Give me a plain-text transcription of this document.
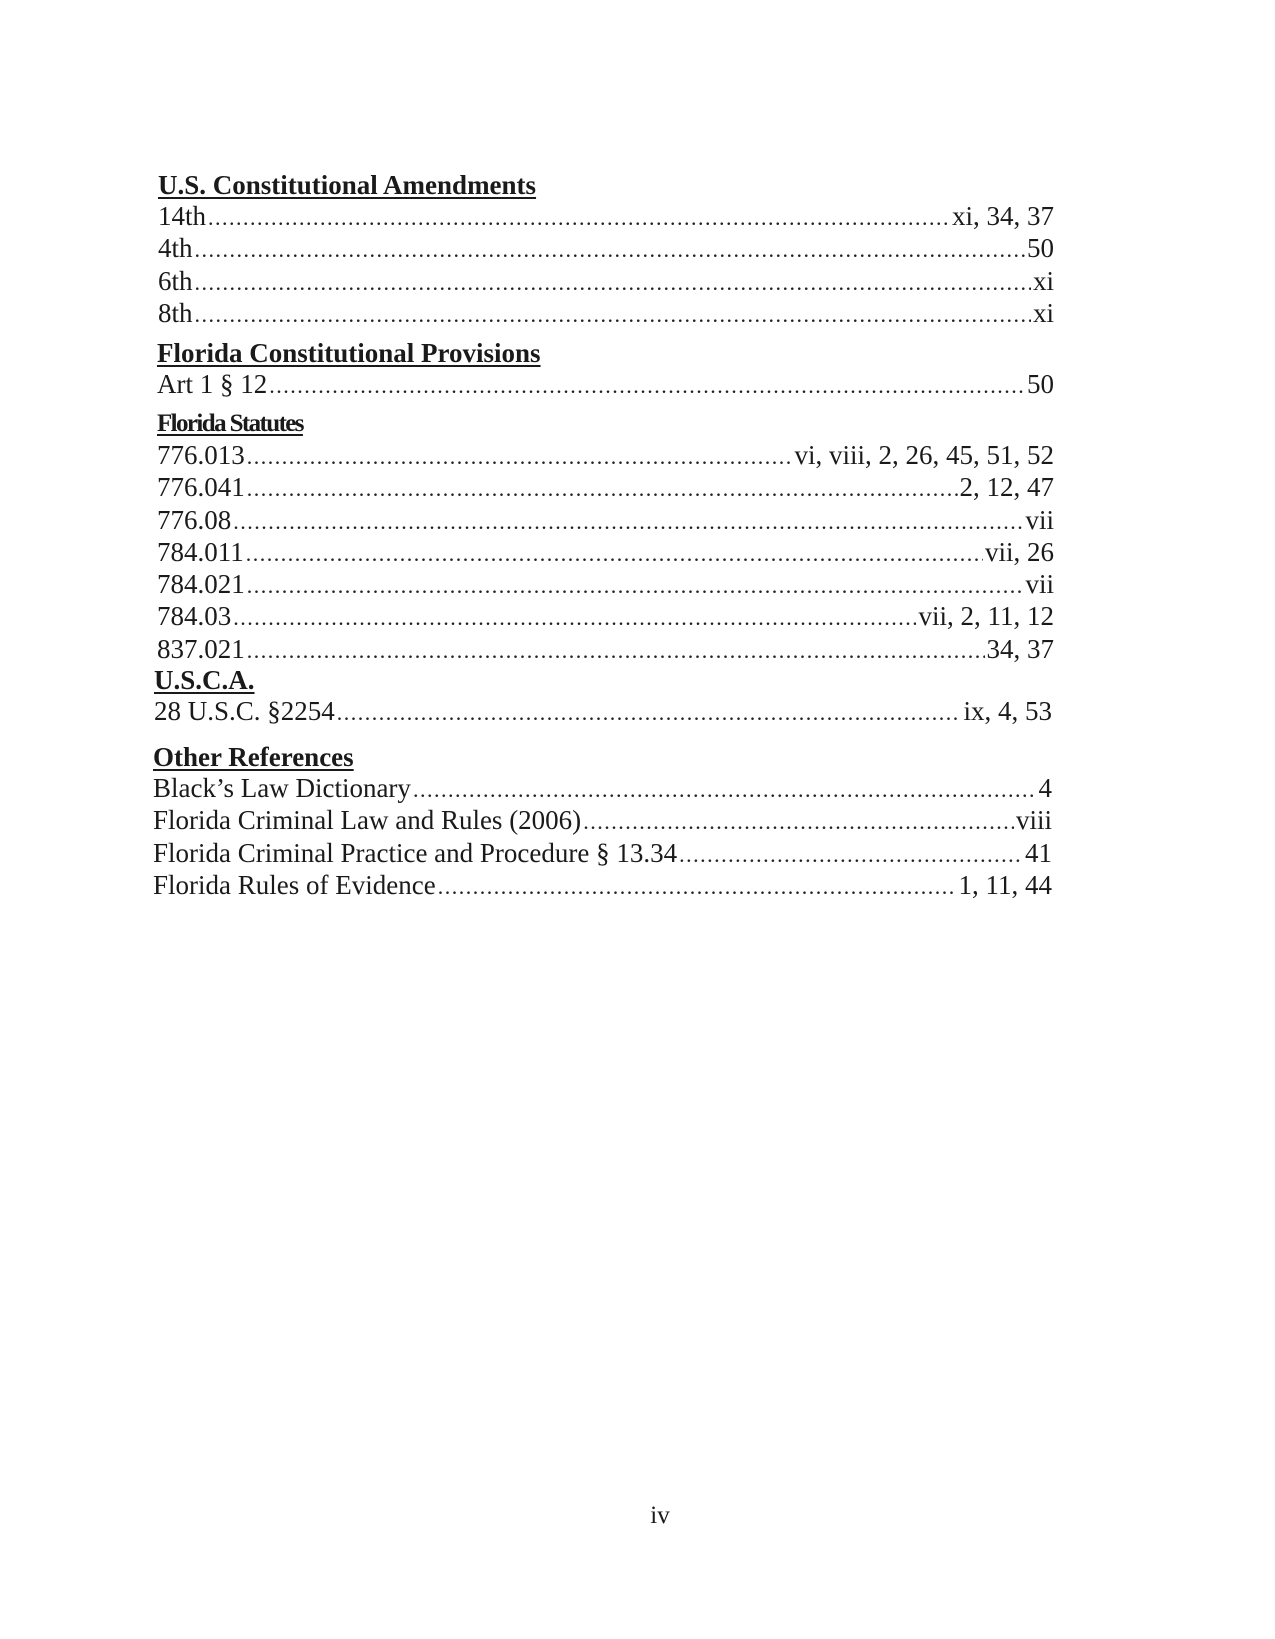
U.S. Constitutional Amendments
14th .....	xi, 34, 37
4th .....	50
6th .....	xi
8th .....	xi
Florida Constitutional Provisions
Art 1 § 12 .....	50
Florida Statutes
776.013 .....	vi, viii, 2, 26, 45, 51, 52
776.041 .....	2, 12, 47
776.08 .....	vii
784.011 .....	vii, 26
784.021 .....	vii
784.03 .....	vii, 2, 11, 12
837.021 .....	34, 37
U.S.C.A.
28 U.S.C. §2254 .....	ix, 4, 53
Other References
Black’s Law Dictionary .....	4
Florida Criminal Law and Rules (2006) .....	viii
Florida Criminal Practice and Procedure § 13.34 .....	41
Florida Rules of Evidence .....	1, 11, 44
iv
